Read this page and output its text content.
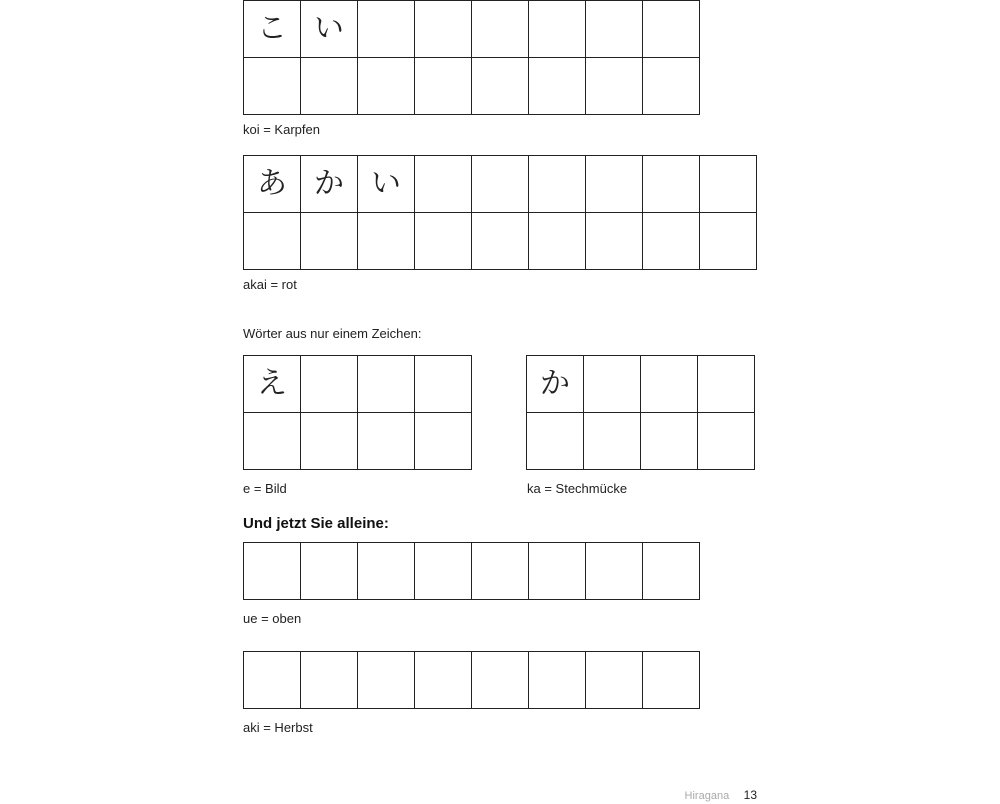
こ い
koi = Karpfen
あ か い
akai = rot
Wörter aus nur einem Zeichen:
え
e = Bild
か
ka = Stechmücke
Und jetzt Sie alleine:
ue = oben
aki = Herbst
Hiragana 13
